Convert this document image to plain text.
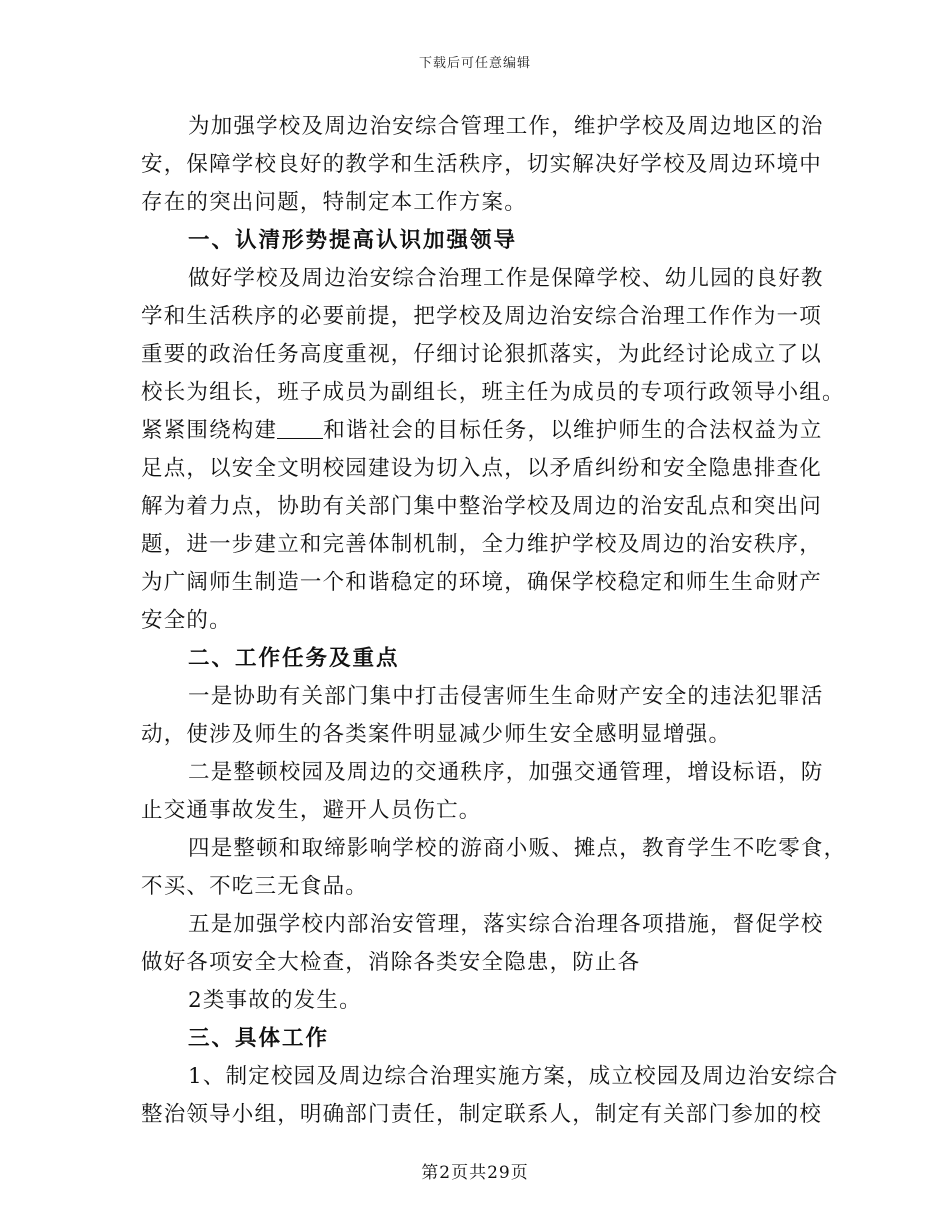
下载后可任意编辑
为加强学校及周边治安综合管理工作，维护学校及周边地区的治
安，保障学校良好的教学和生活秩序，切实解决好学校及周边环境中
存在的突出问题，特制定本工作方案。
一、认清形势提高认识加强领导
做好学校及周边治安综合治理工作是保障学校、幼儿园的良好教
学和生活秩序的必要前提，把学校及周边治安综合治理工作作为一项
重要的政治任务高度重视，仔细讨论狠抓落实，为此经讨论成立了以
校长为组长，班子成员为副组长，班主任为成员的专项行政领导小组。
紧紧围绕构建 和谐社会的目标任务，以维护师生的合法权益为立
足点，以安全文明校园建设为切入点，以矛盾纠纷和安全隐患排查化
解为着力点，协助有关部门集中整治学校及周边的治安乱点和突出问
题，进一步建立和完善体制机制，全力维护学校及周边的治安秩序，
为广阔师生制造一个和谐稳定的环境，确保学校稳定和师生生命财产
安全的。
二、工作任务及重点
一是协助有关部门集中打击侵害师生生命财产安全的违法犯罪活
动，使涉及师生的各类案件明显减少师生安全感明显增强。
二是整顿校园及周边的交通秩序，加强交通管理，增设标语，防
止交通事故发生，避开人员伤亡。
四是整顿和取缔影响学校的游商小贩、摊点，教育学生不吃零食，
不买、不吃三无食品。
五是加强学校内部治安管理，落实综合治理各项措施，督促学校
做好各项安全大检查，消除各类安全隐患，防止各
2类事故的发生。
三、具体工作
1、制定校园及周边综合治理实施方案，成立校园及周边治安综合
整治领导小组，明确部门责任，制定联系人，制定有关部门参加的校
第2页共29页
